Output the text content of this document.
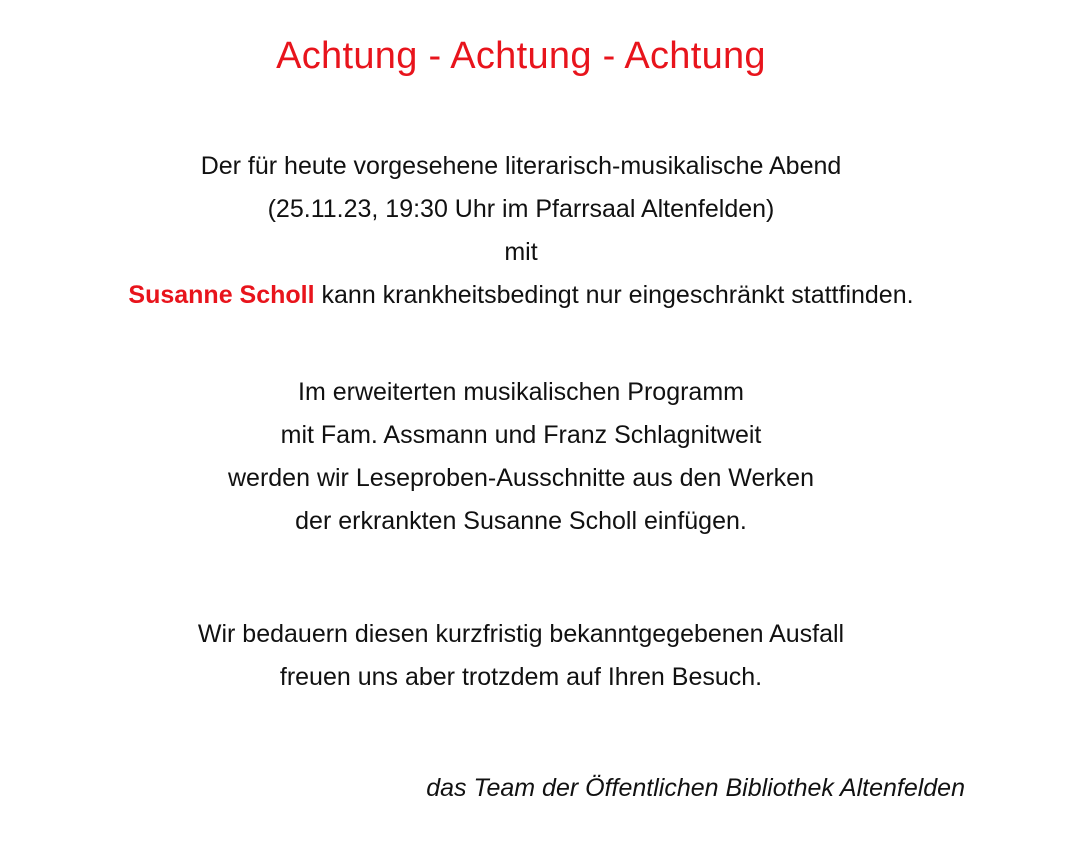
Achtung - Achtung - Achtung

Der für heute vorgesehene literarisch-musikalische Abend

(25.11.23, 19:30 Uhr im Pfarrsaal Altenfelden)

mit

Susanne Scholl kann krankheitsbedingt nur eingeschränkt stattfinden.

Im erweiterten musikalischen Programm

mit Fam. Assmann und Franz Schlagnitweit

werden wir Leseproben-Ausschnitte aus den Werken

der erkrankten Susanne Scholl einfügen.

Wir bedauern diesen kurzfristig bekanntgegebenen Ausfall

freuen uns aber trotzdem auf Ihren Besuch.

das Team der Öffentlichen Bibliothek Altenfelden
